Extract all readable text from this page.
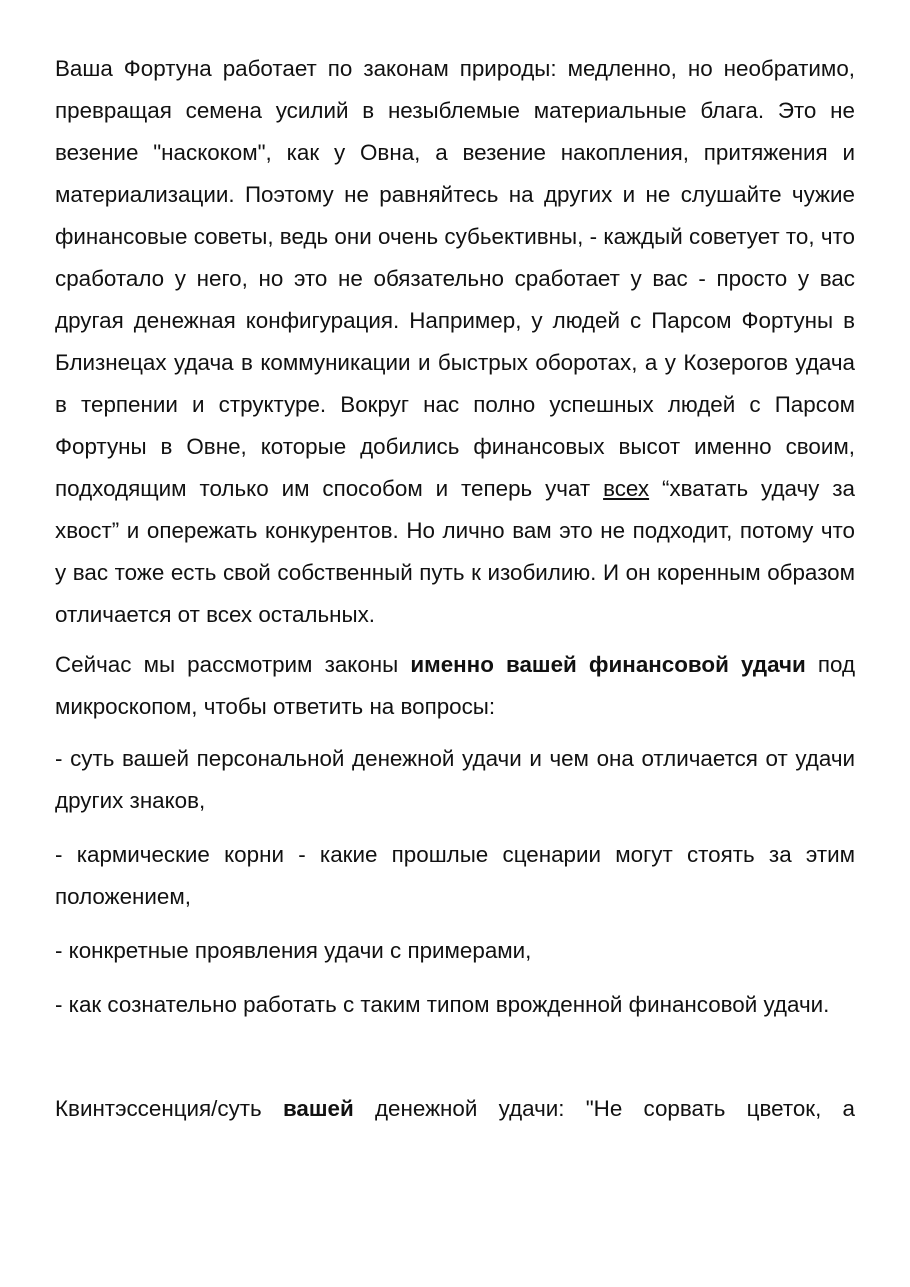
Ваша Фортуна работает по законам природы: медленно, но необратимо, превращая семена усилий в незыблемые материальные блага. Это не везение "наскоком", как у Овна, а везение накопления, притяжения и материализации. Поэтому не равняйтесь на других и не слушайте чужие финансовые советы, ведь они очень субьективны, - каждый советует то, что сработало у него, но это не обязательно сработает у вас - просто у вас другая денежная конфигурация. Например, у людей с Парсом Фортуны в Близнецах удача в коммуникации и быстрых оборотах, а у Козерогов удача в терпении и структуре. Вокруг нас полно успешных людей с Парсом Фортуны в Овне, которые добились финансовых высот именно своим, подходящим только им способом и теперь учат всех “хватать удачу за хвост” и опережать конкурентов. Но лично вам это не подходит, потому что у вас тоже есть свой собственный путь к изобилию. И он коренным образом отличается от всех остальных.

Сейчас мы рассмотрим законы именно вашей финансовой удачи под микроскопом, чтобы ответить на вопросы:

- суть вашей персональной денежной удачи и чем она отличается от удачи других знаков,

- кармические корни - какие прошлые сценарии могут стоять за этим положением,

- конкретные проявления удачи с примерами,

- как сознательно работать с таким типом врожденной финансовой удачи.

Квинтэссенция/суть вашей денежной удачи: "Не сорвать цветок, а
